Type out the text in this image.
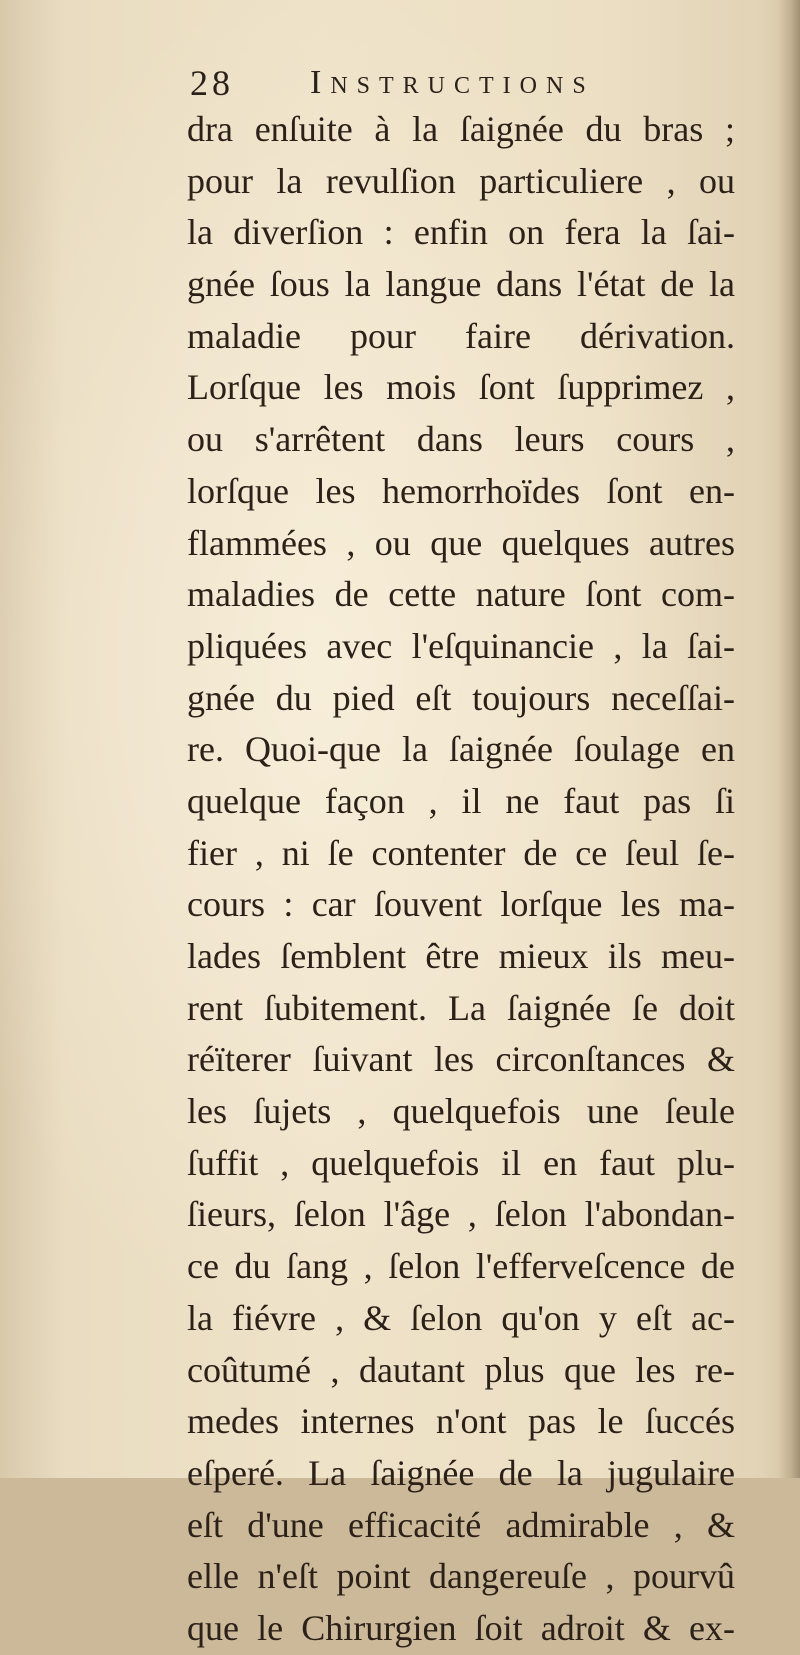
28 Instructions
dra enſuite à la ſaignée du bras ;
pour la revulſion particuliere , ou
la diverſion : enfin on fera la ſai-
gnée ſous la langue dans l'état de la
maladie pour faire dérivation.
Lorſque les mois ſont ſupprimez ,
ou s'arrêtent dans leurs cours ,
lorſque les hemorrhoïdes ſont en-
flammées , ou que quelques autres
maladies de cette nature ſont com-
pliquées avec l'eſquinancie , la ſai-
gnée du pied eſt toujours neceſſai-
re. Quoi-que la ſaignée ſoulage en
quelque façon , il ne faut pas ſi
fier , ni ſe contenter de ce ſeul ſe-
cours : car ſouvent lorſque les ma-
lades ſemblent être mieux ils meu-
rent ſubitement. La ſaignée ſe doit
réïterer ſuivant les circonſtances &
les ſujets , quelquefois une ſeule
ſuffit , quelquefois il en faut plu-
ſieurs, ſelon l'âge , ſelon l'abondan-
ce du ſang , ſelon l'efferveſcence de
la fiévre , & ſelon qu'on y eſt ac-
coûtumé , dautant plus que les re-
medes internes n'ont pas le ſuccés
eſperé. La ſaignée de la jugulaire
eſt d'une efficacité admirable , &
elle n'eſt point dangereuſe , pourvû
que le Chirurgien ſoit adroit & ex-
